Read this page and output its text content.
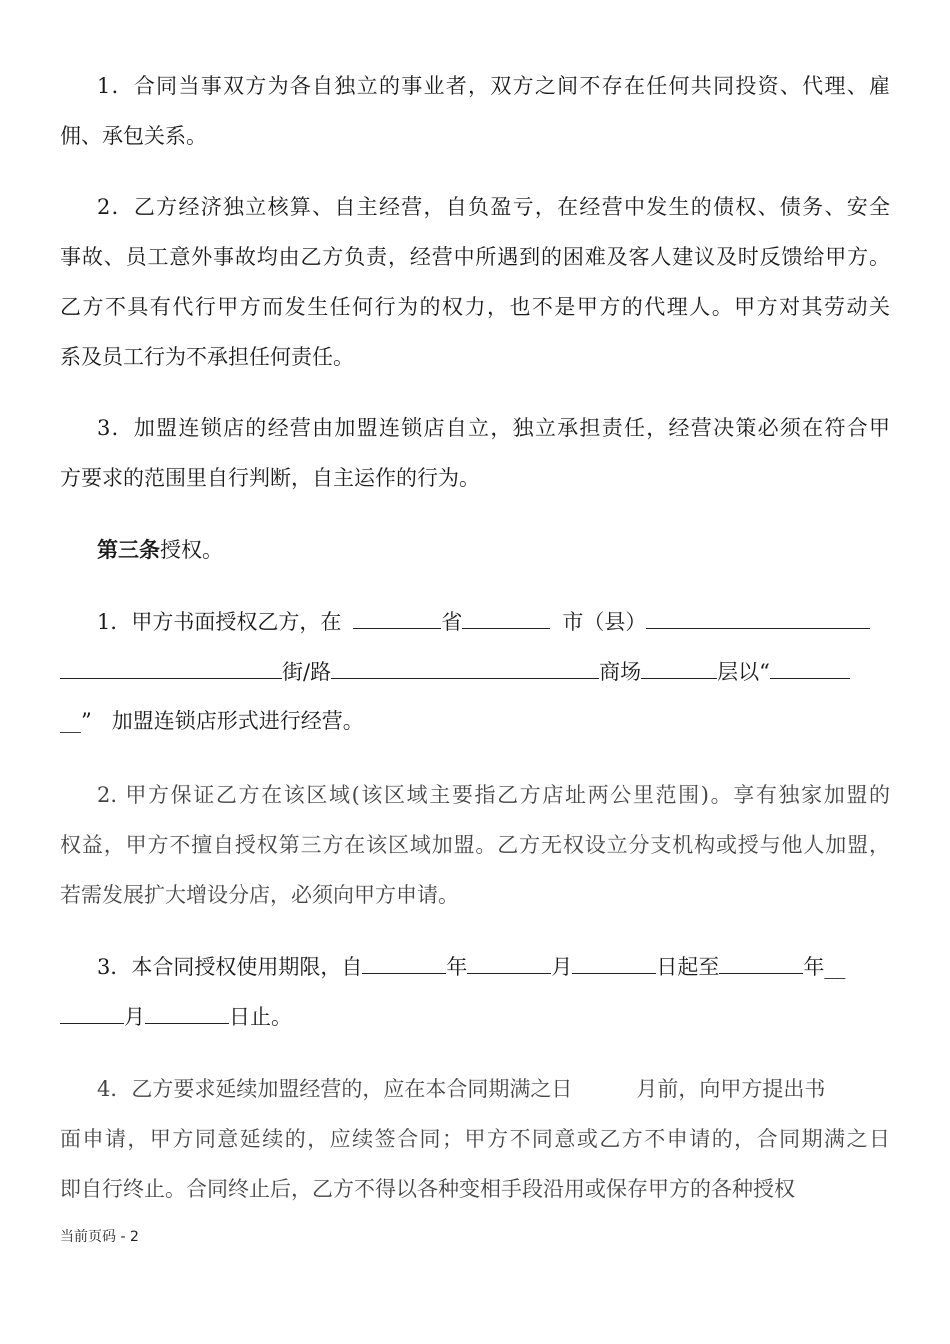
1．合同当事双方为各自独立的事业者，双方之间不存在任何共同投资、代理、雇
佣、承包关系。
2．乙方经济独立核算、自主经营，自负盈亏，在经营中发生的债权、债务、安全
事故、员工意外事故均由乙方负责，经营中所遇到的困难及客人建议及时反馈给甲方。
乙方不具有代行甲方而发生任何行为的权力，也不是甲方的代理人。甲方对其劳动关
系及员工行为不承担任何责任。
3．加盟连锁店的经营由加盟连锁店自立，独立承担责任，经营决策必须在符合甲
方要求的范围里自行判断，自主运作的行为。
第三条授权。
1．甲方书面授权乙方，在	省	市（县）
街/路	商场	层以“
__” 加盟连锁店形式进行经营。
2. 甲方保证乙方在该区域(该区域主要指乙方店址两公里范围)。享有独家加盟的
权益，甲方不擅自授权第三方在该区域加盟。乙方无权设立分支机构或授与他人加盟，
若需发展扩大增设分店，必须向甲方申请。
3．本合同授权使用期限，自	年	月	日起至	年__
月	日止。
4．乙方要求延续加盟经营的，应在本合同期满之日	月前，向甲方提出书
面申请，甲方同意延续的，应续签合同；甲方不同意或乙方不申请的，合同期满之日
即自行终止。合同终止后，乙方不得以各种变相手段沿用或保存甲方的各种授权
当前页码 - 2
